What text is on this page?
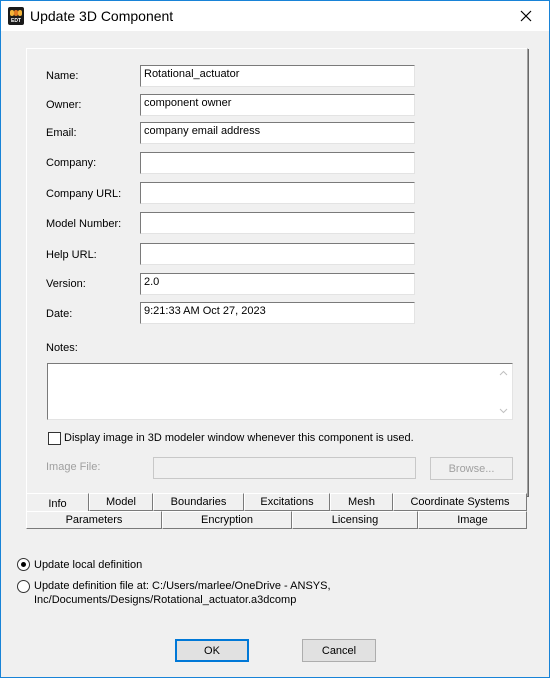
EDT Update 3D Component
Name:	Rotational_actuator
Owner:	component owner
Email:	company email address
Company:
Company URL:
Model Number:
Help URL:
Version:	2.0
Date:	9:21:33 AM Oct 27, 2023
Notes:
Display image in 3D modeler window whenever this component is used.
Image File:	Browse...
Info	Model	Boundaries	Excitations	Mesh	Coordinate Systems
Parameters	Encryption	Licensing	Image
Update local definition
Update definition file at: C:/Users/marlee/OneDrive - ANSYS,
Inc/Documents/Designs/Rotational_actuator.a3dcomp
OK	Cancel
